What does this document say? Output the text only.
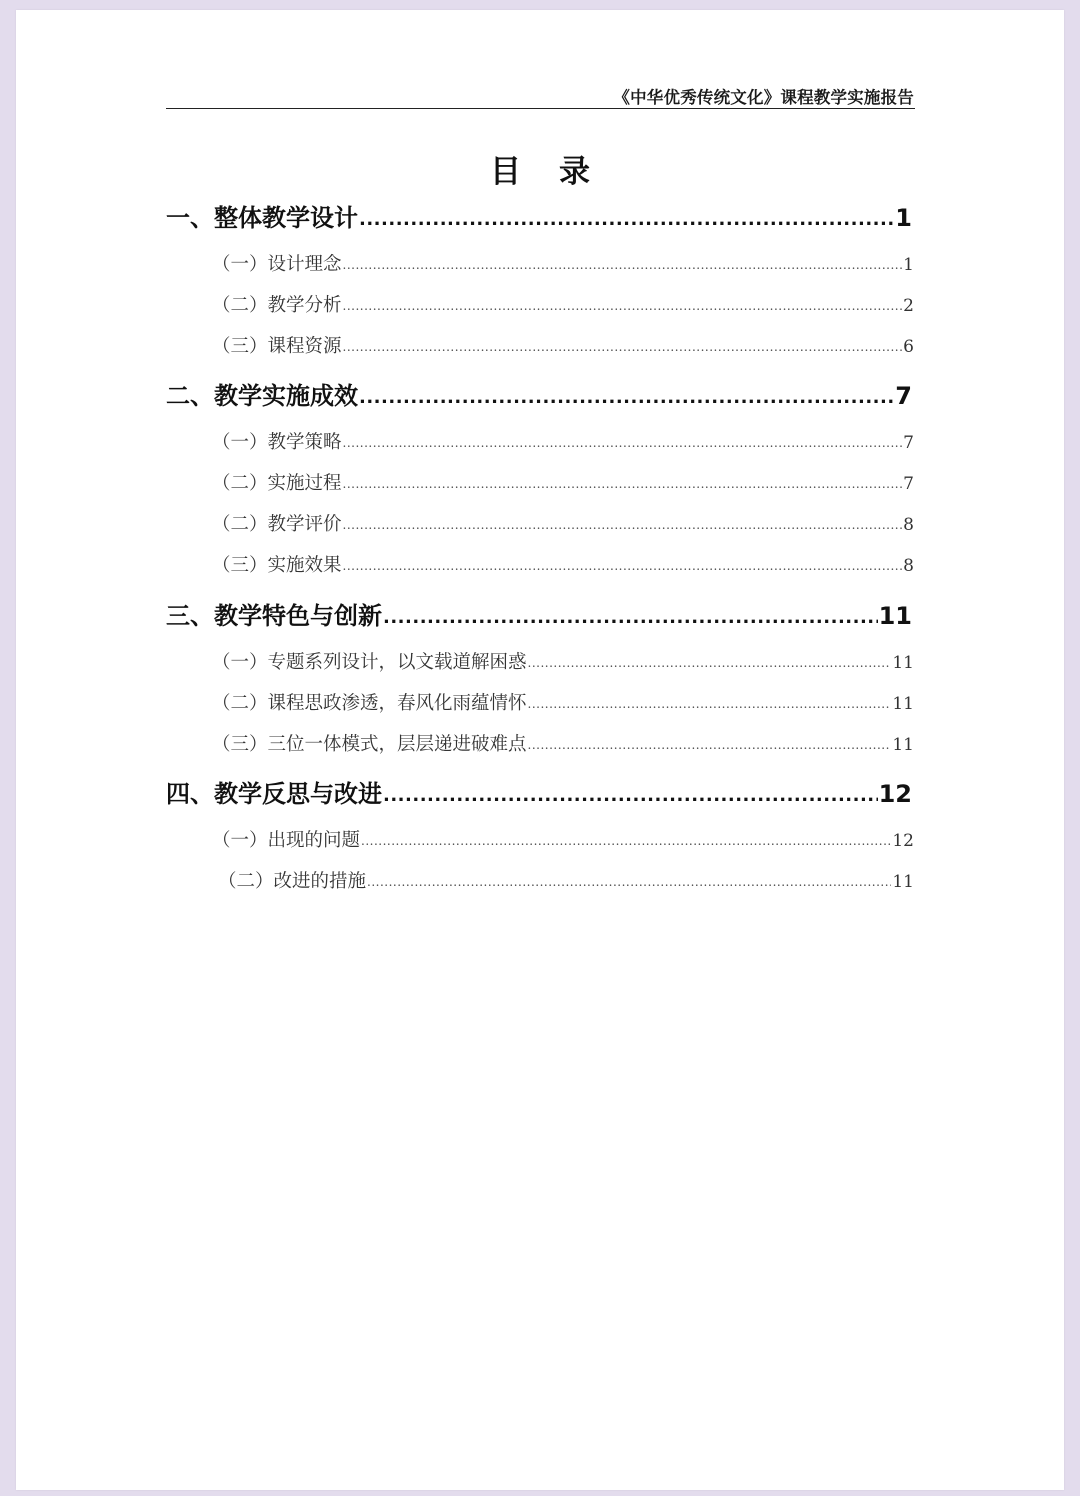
《中华优秀传统文化》课程教学实施报告
目 录
一、整体教学设计 .....	1
（一）设计理念 .....	1
（二）教学分析 .....	2
（三）课程资源 .....	6
二、教学实施成效 .....	7
（一）教学策略 .....	7
（二）实施过程 .....	7
（二）教学评价 .....	8
（三）实施效果 .....	8
三、教学特色与创新 .....	11
（一）专题系列设计，以文载道解困惑 .....	11
（二）课程思政渗透，春风化雨蕴情怀 .....	11
（三）三位一体模式，层层递进破难点 .....	11
四、教学反思与改进 .....	12
（一）出现的问题 .....	12
（二）改进的措施 .....	11
